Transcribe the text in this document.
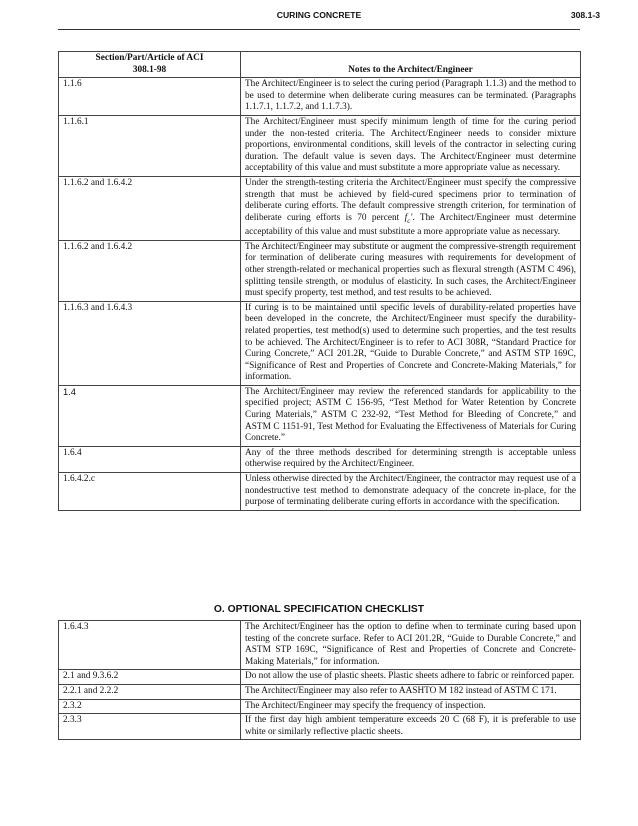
CURING CONCRETE	308.1-3
Section/Part/Article of ACI 308.1-98	Notes to the Architect/Engineer
1.1.6	The Architect/Engineer is to select the curing period (Paragraph 1.1.3) and the method to be used to determine when deliberate curing measures can be terminated. (Paragraphs 1.1.7.1, 1.1.7.2, and 1.1.7.3).
1.1.6.1	The Architect/Engineer must specify minimum length of time for the curing period under the non-tested criteria. The Architect/Engineer needs to consider mixture proportions, environmental conditions, skill levels of the contractor in selecting curing duration. The default value is seven days. The Architect/Engineer must determine acceptability of this value and must substitute a more appropriate value as necessary.
1.1.6.2 and 1.6.4.2	Under the strength-testing criteria the Architect/Engineer must specify the compressive strength that must be achieved by field-cured specimens prior to termination of deliberate curing efforts. The default compressive strength criterion, for termination of deliberate curing efforts is 70 percent $f_c'$. The Architect/Engineer must determine acceptability of this value and must substitute a more appropriate value as necessary.
1.1.6.2 and 1.6.4.2	The Architect/Engineer may substitute or augment the compressive-strength requirement for termination of deliberate curing measures with requirements for development of other strength-related or mechanical properties such as flexural strength (ASTM C 496), splitting tensile strength, or modulus of elasticity. In such cases, the Architect/Engineer must specify property, test method, and test results to be achieved.
1.1.6.3 and 1.6.4.3	If curing is to be maintained until specific levels of durability-related properties have been developed in the concrete, the Architect/Engineer must specify the durability-related properties, test method(s) used to determine such properties, and the test results to be achieved. The Architect/Engineer is to refer to ACI 308R, “Standard Practice for Curing Concrete,” ACI 201.2R, “Guide to Durable Concrete,” and ASTM STP 169C, “Significance of Rest and Properties of Concrete and Concrete-Making Materials,” for information.
1.4	The Architect/Engineer may review the referenced standards for applicability to the specified project; ASTM C 156-95, “Test Method for Water Retention by Concrete Curing Materials,” ASTM C 232-92, “Test Method for Bleeding of Concrete,” and ASTM C 1151-91, Test Method for Evaluating the Effectiveness of Materials for Curing Concrete.”
1.6.4	Any of the three methods described for determining strength is acceptable unless otherwise required by the Architect/Engineer.
1.6.4.2.c	Unless otherwise directed by the Architect/Engineer, the contractor may request use of a nondestructive test method to demonstrate adequacy of the concrete in-place, for the purpose of terminating deliberate curing efforts in accordance with the specification.
O. OPTIONAL SPECIFICATION CHECKLIST
1.6.4.3	The Architect/Engineer has the option to define when to terminate curing based upon testing of the concrete surface. Refer to ACI 201.2R, “Guide to Durable Concrete,” and ASTM STP 169C, “Significance of Rest and Properties of Concrete and Concrete-Making Materials,” for information.
2.1 and 9.3.6.2	Do not allow the use of plastic sheets. Plastic sheets adhere to fabric or reinforced paper.
2.2.1 and 2.2.2	The Architect/Engineer may also refer to AASHTO M 182 instead of ASTM C 171.
2.3.2	The Architect/Engineer may specify the frequency of inspection.
2.3.3	If the first day high ambient temperature exceeds 20 C (68 F), it is preferable to use white or similarly reflective plactic sheets.
